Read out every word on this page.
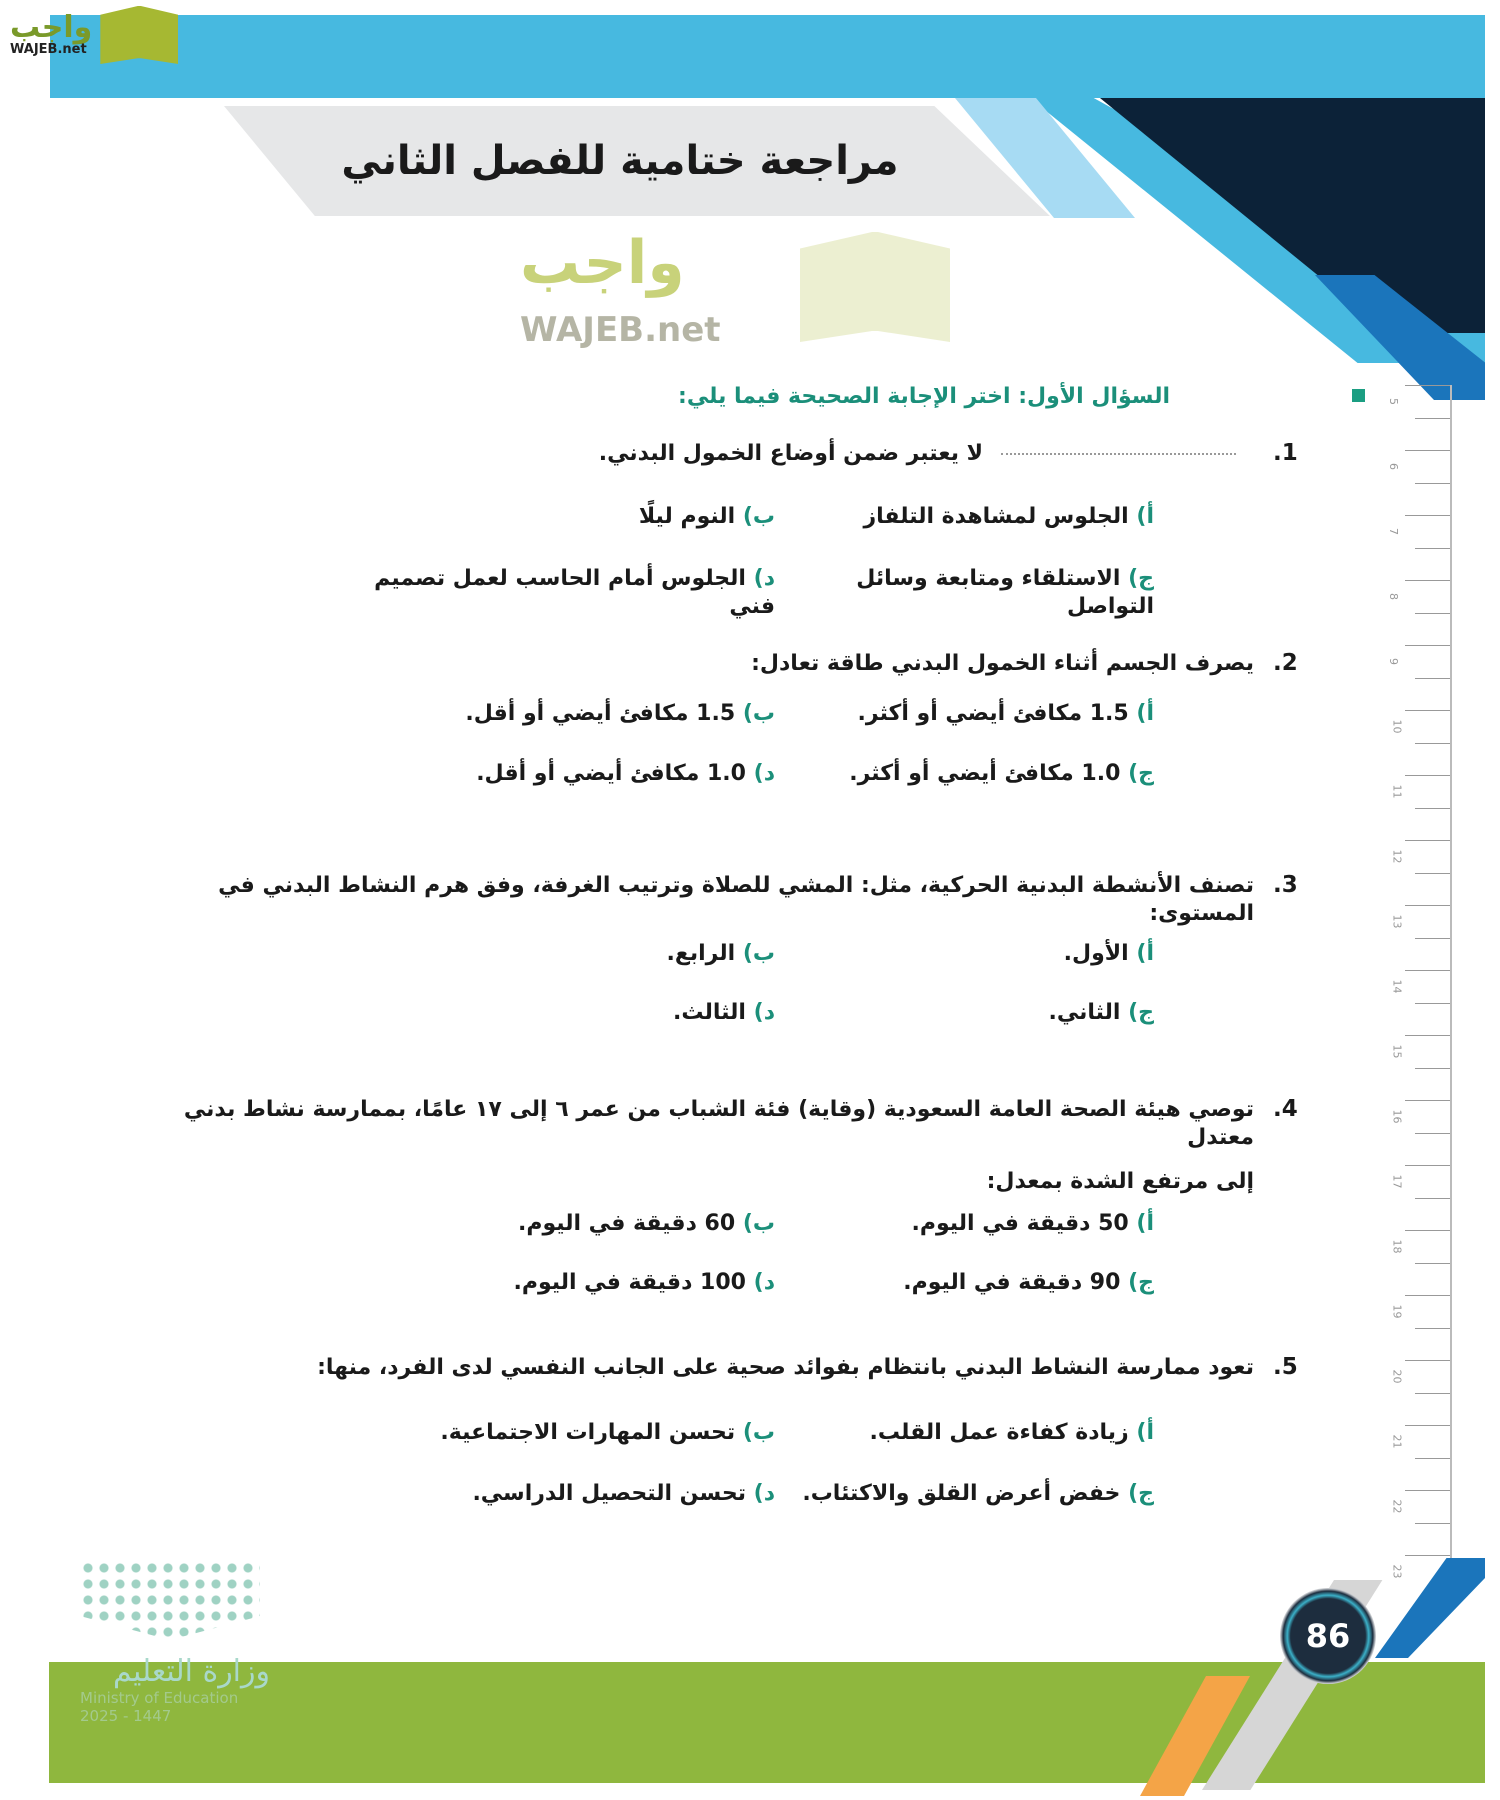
مراجعة ختامية للفصل الثاني
واجب
WAJEB.net
واجب
WAJEB.net
السؤال الأول: اختر الإجابة الصحيحة فيما يلي:
.1
لا يعتبر ضمن أوضاع الخمول البدني.
أ) الجلوس لمشاهدة التلفاز
ب) النوم ليلًا
ج) الاستلقاء ومتابعة وسائل التواصل
د) الجلوس أمام الحاسب لعمل تصميم فني
.2
يصرف الجسم أثناء الخمول البدني طاقة تعادل:
أ) 1.5 مكافئ أيضي أو أكثر.
ب) 1.5 مكافئ أيضي أو أقل.
ج) 1.0 مكافئ أيضي أو أكثر.
د) 1.0 مكافئ أيضي أو أقل.
.3
تصنف الأنشطة البدنية الحركية، مثل: المشي للصلاة وترتيب الغرفة، وفق هرم النشاط البدني في المستوى:
أ) الأول.
ب) الرابع.
ج) الثاني.
د) الثالث.
.4
توصي هيئة الصحة العامة السعودية (وقاية) فئة الشباب من عمر ٦ إلى ١٧ عامًا، بممارسة نشاط بدني معتدل
إلى مرتفع الشدة بمعدل:
أ) 50 دقيقة في اليوم.
ب) 60 دقيقة في اليوم.
ج) 90 دقيقة في اليوم.
د) 100 دقيقة في اليوم.
.5
تعود ممارسة النشاط البدني بانتظام بفوائد صحية على الجانب النفسي لدى الفرد، منها:
أ) زيادة كفاءة عمل القلب.
ب) تحسن المهارات الاجتماعية.
ج) خفض أعرض القلق والاكتئاب.
د) تحسن التحصيل الدراسي.
5
6
7
8
9
10
11
12
13
14
15
16
17
18
19
20
21
22
23
86
وزارة التعليم
Ministry of Education
2025 - 1447
